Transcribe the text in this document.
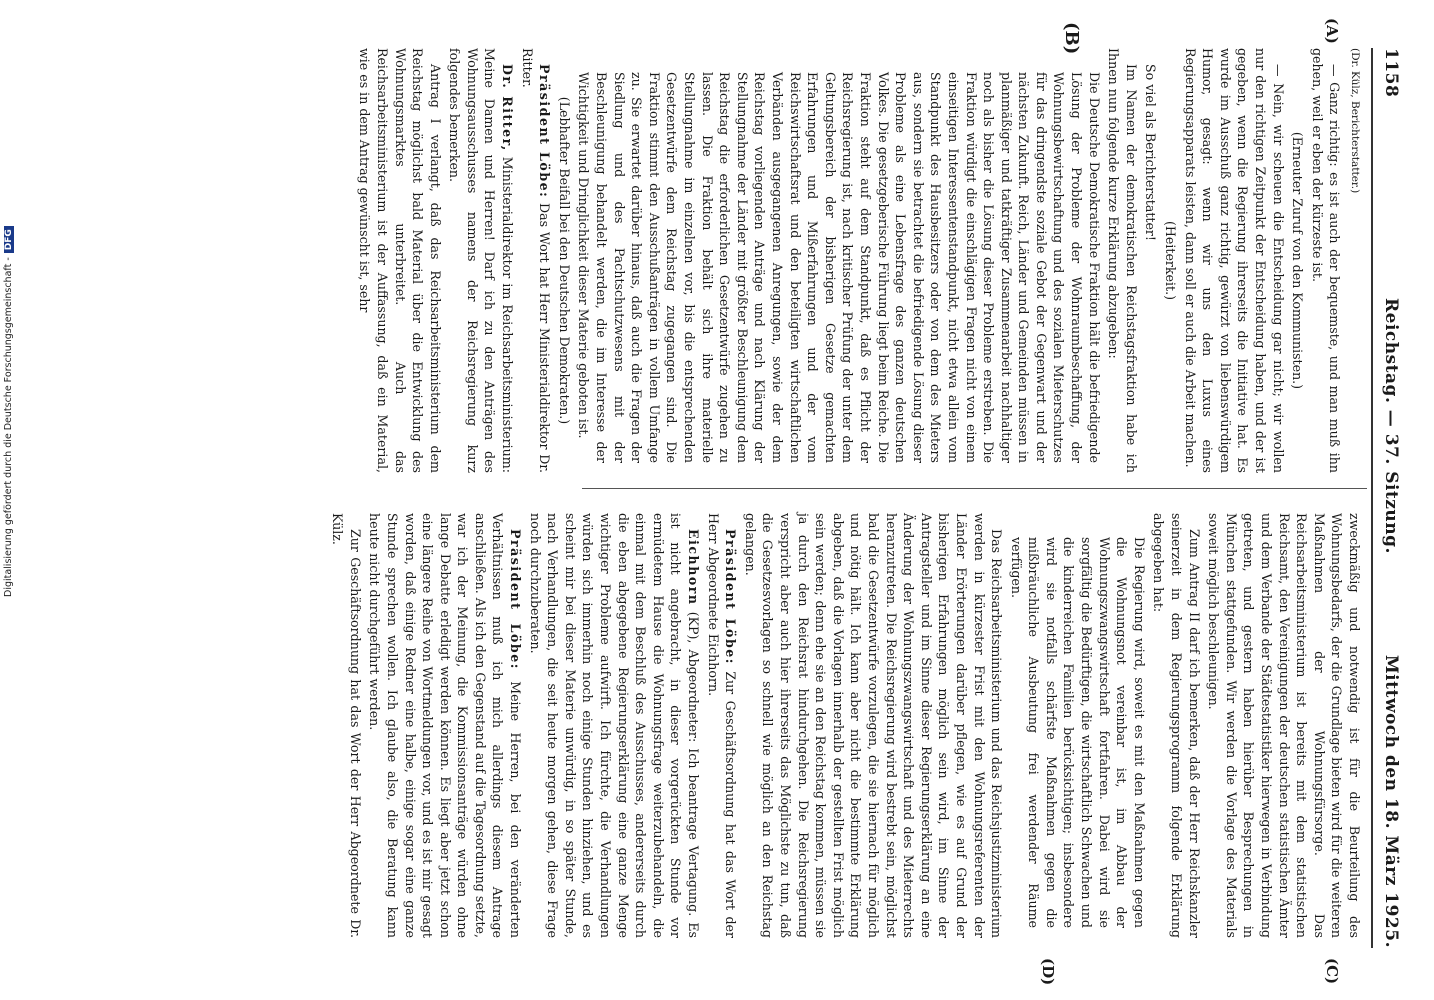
1158
Reichstag. — 37. Sitzung.
Mittwoch den 18. März 1925.
(A)
(B)
(C)
(D)

(Dr. Külz, Berichterstatter.)

— Ganz richtig: es ist auch der bequemste, und man muß ihn gehen, weil er eben der kürzeste ist.

(Erneuter Zuruf von den Kommunisten.)

— Nein, wir scheuen die Entscheidung gar nicht; wir wollen nur den richtigen Zeitpunkt der Entscheidung haben, und der ist gegeben, wenn die Regierung ihrerseits die Initiative hat. Es wurde im Ausschuß ganz richtig, gewürzt von liebenswürdigem Humor, gesagt: wenn wir uns den Luxus eines Regierungsapparats leisten, dann soll er auch die Arbeit machen.

(Heiterkeit.)

So viel als Berichterstatter!

Im Namen der demokratischen Reichstagsfraktion habe ich Ihnen nun folgende kurze Erklärung abzugeben:

Die Deutsche Demokratische Fraktion hält die befriedigende Lösung der Probleme der Wohnraumbeschaffung, der Wohnungsbewirtschaftung und des sozialen Mieterschutzes für das dringendste soziale Gebot der Gegenwart und der nächsten Zukunft. Reich, Länder und Gemeinden müssen in planmäßiger und tatkräftiger Zusammenarbeit nachhaltiger noch als bisher die Lösung dieser Probleme erstreben. Die Fraktion würdigt die einschlägigen Fragen nicht von einem einseitigen Interessentenstandpunkt, nicht etwa allein vom Standpunkt des Hausbesitzers oder von dem des Mieters aus, sondern sie betrachtet die befriedigende Lösung dieser Probleme als eine Lebensfrage des ganzen deutschen Volkes. Die gesetzgeberische Führung liegt beim Reiche. Die Fraktion steht auf dem Standpunkt, daß es Pflicht der Reichsregierung ist, nach kritischer Prüfung der unter dem Geltungsbereich der bisherigen Gesetze gemachten Erfahrungen und Mißerfahrungen und der vom Reichswirtschaftsrat und den beteiligten wirtschaftlichen Verbänden ausgegangenen Anregungen, sowie der dem Reichstag vorliegenden Anträge und nach Klärung der Stellungnahme der Länder mit größter Beschleunigung dem Reichstag die erforderlichen Gesetzentwürfe zugehen zu lassen. Die Fraktion behält sich ihre materielle Stellungnahme im einzelnen vor, bis die entsprechenden Gesetzentwürfe dem Reichstag zugegangen sind. Die Fraktion stimmt den Ausschußanträgen in vollem Umfange zu. Sie erwartet darüber hinaus, daß auch die Fragen der Siedlung und des Pachtschutzwesens mit der Beschleunigung behandelt werden, die im Interesse der Wichtigkeit und Dringlichkeit dieser Materie geboten ist.

(Lebhafter Beifall bei den Deutschen Demokraten.)

Präsident Löbe: Das Wort hat Herr Ministerialdirektor Dr. Ritter.

Dr. Ritter, Ministerialdirektor im Reichsarbeitsministerium: Meine Damen und Herren! Darf ich zu den Anträgen des Wohnungsausschusses namens der Reichsregierung kurz folgendes bemerken.

Antrag I verlangt, daß das Reichsarbeitsministerium dem Reichstag möglichst bald Material über die Entwicklung des Wohnungsmarktes unterbreitet. Auch das Reichsarbeitsministerium ist der Auffassung, daß ein Material, wie es in dem Antrag gewünscht ist, sehr

zweckmäßig und notwendig ist für die Beurteilung des Wohnungsbedarfs, der die Grundlage bieten wird für die weiteren Maßnahmen der Wohnungsfürsorge. Das Reichsarbeitsministerium ist bereits mit dem statistischen Reichsamt, den Vereinigungen der deutschen statistischen Ämter und dem Verbande der Städtestatistiker hierwegen in Verbindung getreten, und gestern haben hierüber Besprechungen in München stattgefunden. Wir werden die Vorlage des Materials soweit möglich beschleunigen.

Zum Antrag II darf ich bemerken, daß der Herr Reichskanzler seinerzeit in dem Regierungsprogramm folgende Erklärung abgegeben hat:

Die Regierung wird, soweit es mit den Maßnahmen gegen die Wohnungsnot vereinbar ist, im Abbau der Wohnungszwangswirtschaft fortfahren. Dabei wird sie sorgfältig die Bedürftigen, die wirtschaftlich Schwachen und die kinderreichen Familien berücksichtigen; insbesondere wird sie notfalls schärfste Maßnahmen gegen die mißbräuchliche Ausbeutung frei werdender Räume verfügen.

Das Reichsarbeitsministerium und das Reichsjustizministerium werden in kürzester Frist mit den Wohnungsreferenten der Länder Erörterungen darüber pflegen, wie es auf Grund der bisherigen Erfahrungen möglich sein wird, im Sinne der Antragsteller und im Sinne dieser Regierungserklärung an eine Änderung der Wohnungszwangswirtschaft und des Mieterrechts heranzutreten. Die Reichsregierung wird bestrebt sein, möglichst bald die Gesetzentwürfe vorzulegen, die sie hiernach für möglich und nötig hält. Ich kann aber nicht die bestimmte Erklärung abgeben, daß die Vorlagen innerhalb der gestellten Frist möglich sein werden; denn ehe sie an den Reichstag kommen, müssen sie ja durch den Reichsrat hindurchgehen. Die Reichsregierung verspricht aber auch hier ihrerseits das Möglichste zu tun, daß die Gesetzesvorlagen so schnell wie möglich an den Reichstag gelangen.

Präsident Löbe: Zur Geschäftsordnung hat das Wort der Herr Abgeordnete Eichhorn.

Eichhorn (KP), Abgeordneter: Ich beantrage Vertagung. Es ist nicht angebracht, in dieser vorgerückten Stunde vor ermüdetem Hause die Wohnungsfrage weiterzubehandeln, die einmal mit dem Beschluß des Ausschusses, andererseits durch die eben abgegebene Regierungserklärung eine ganze Menge wichtiger Probleme aufwirft. Ich fürchte, die Verhandlungen würden sich immerhin noch einige Stunden hinziehen, und es scheint mir bei dieser Materie unwürdig, in so später Stunde, nach Verhandlungen, die seit heute morgen gehen, diese Frage noch durchzuberaten.

Präsident Löbe: Meine Herren, bei den veränderten Verhältnissen muß ich mich allerdings diesem Antrage anschließen. Als ich den Gegenstand auf die Tagesordnung setzte, war ich der Meinung, die Kommissionsanträge würden ohne lange Debatte erledigt werden können. Es liegt aber jetzt schon eine längere Reihe von Wortmeldungen vor, und es ist mir gesagt worden, daß einige Redner eine halbe, einige sogar eine ganze Stunde sprechen wollen. Ich glaube also, die Beratung kann heute nicht durchgeführt werden.

Zur Geschäftsordnung hat das Wort der Herr Abgeordnete Dr. Külz.

Digitalisierung gefördert durch die Deutsche Forschungsgemeinschaft -DFG
